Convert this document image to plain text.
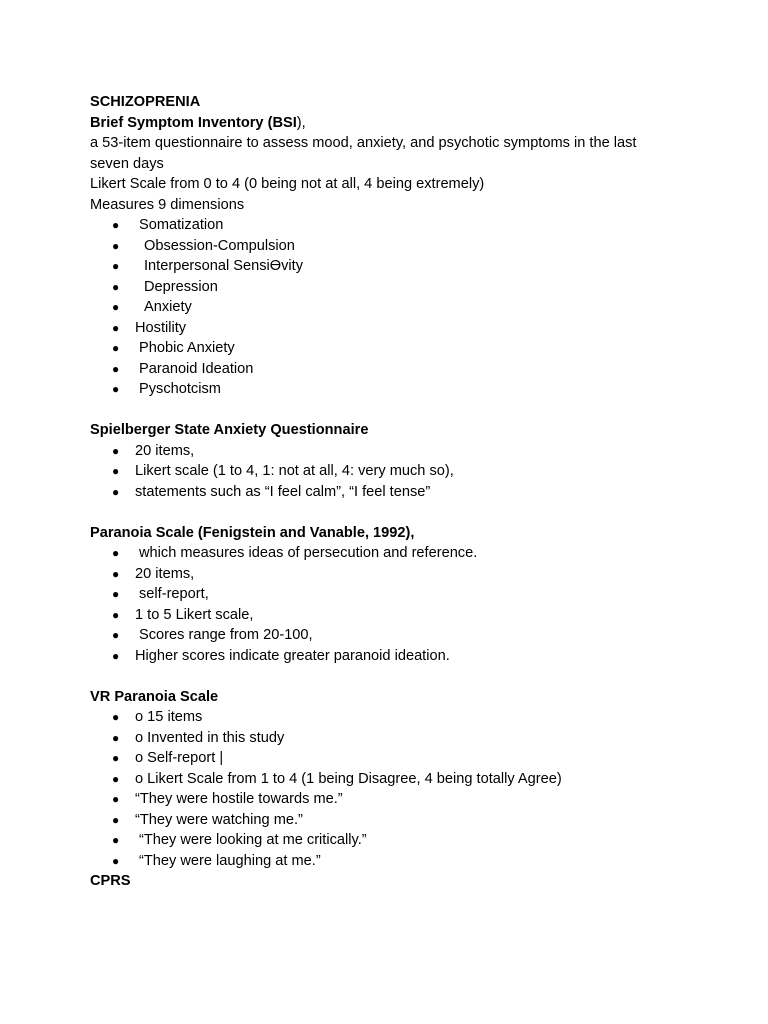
SCHIZOPRENIA
Brief Symptom Inventory (BSI),
a 53-item questionnaire to assess mood, anxiety, and psychotic symptoms in the last seven days
Likert Scale from 0 to 4 (0 being not at all, 4 being extremely)
Measures 9 dimensions
● Somatization
● Obsession-Compulsion
● Interpersonal SensiƟvity
● Depression
● Anxiety
● Hostility
● Phobic Anxiety
● Paranoid Ideation
● Pyschotcism
Spielberger State Anxiety Questionnaire
● 20 items,
● Likert scale (1 to 4, 1: not at all, 4: very much so),
● statements such as “I feel calm”, “I feel tense”
Paranoia Scale (Fenigstein and Vanable, 1992),
● which measures ideas of persecution and reference.
● 20 items,
● self-report,
● 1 to 5 Likert scale,
● Scores range from 20-100,
● Higher scores indicate greater paranoid ideation.
VR Paranoia Scale
● o 15 items
● o Invented in this study
● o Self-report |
● o Likert Scale from 1 to 4 (1 being Disagree, 4 being totally Agree)
● “They were hostile towards me.”
● “They were watching me.”
● “They were looking at me critically.”
● “They were laughing at me.”
CPRS
